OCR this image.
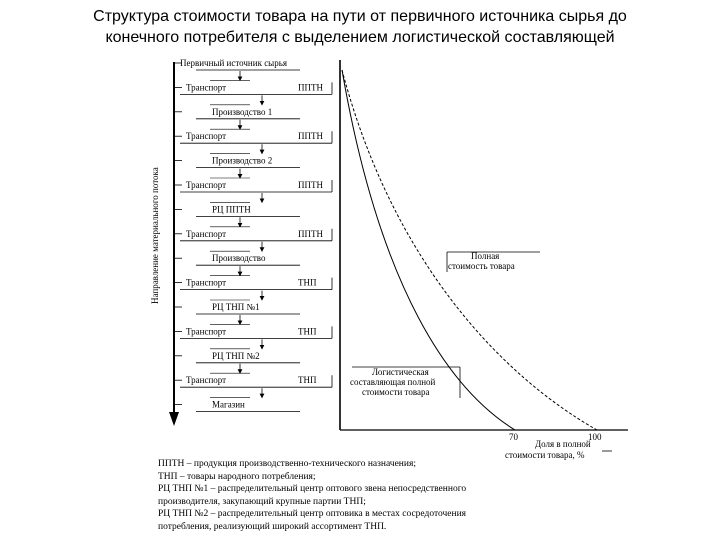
Структура стоимости товара на пути от первичного источника сырья до
конечного потребителя с выделением логистической составляющей
Направление материального потока
Первичный источник сырья
Транспорт	ППТН
Производство 1
Транспорт	ППТН
Производство 2
Транспорт	ППТН
РЦ ППТН
Транспорт	ППТН
Производство
Транспорт	ТНП
РЦ ТНП №1
Транспорт	ТНП
РЦ ТНП №2
Транспорт	ТНП
Магазин
Полная
стоимость товара
Логистическая
составляющая полной
стоимости товара
70	100
Доля в полной
стоимости товара, %
ППТН – продукция производственно-технического назначения;
ТНП – товары народного потребления;
РЦ ТНП №1 – распределительный центр оптового звена непосредственного
производителя, закупающий крупные партии ТНП;
РЦ ТНП №2 – распределительный центр оптовика в местах сосредоточения
потребления, реализующий широкий ассортимент ТНП.
